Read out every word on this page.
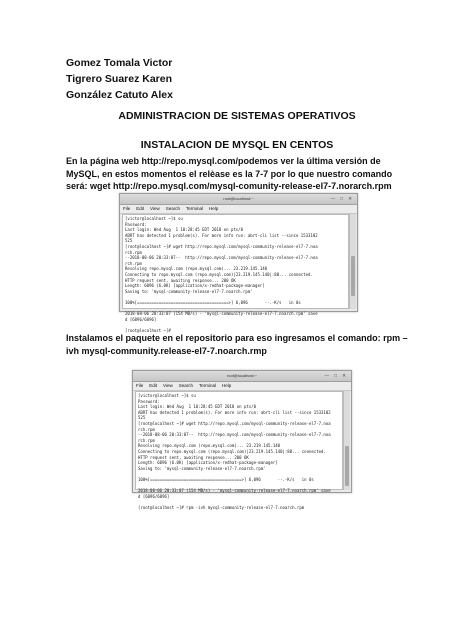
Gomez Tomala Victor
Tigrero Suarez Karen
González Catuto Alex
ADMINISTRACION DE SISTEMAS OPERATIVOS
INSTALACION DE MYSQL EN CENTOS
En la página web http://repo.mysql.com/podemos ver la última versión de MySQL, en estos momentos el relèase es la 7-7 por lo que nuestro comando será: wget http://repo.mysql.com/mysql-comunity-release-el7-7.norarch.rpm
root@localhost:~	— □ ✕
File Edit View Search Terminal Help
[victor@localhost ~]$ su
Password:
Last login: Wed Aug  1 10:28:45 EDT 2018 on pts/0
ABRT has detected 1 problem(s). For more info run: abrt-cli list --since 1533102
525
[root@localhost ~]# wget http://repo.mysql.com/mysql-community-release-el7-7.noa
rch.rpm
--2018-08-06 20:33:07--  http://repo.mysql.com/mysql-community-release-el7-7.noa
rch.rpm
Resolving repo.mysql.com (repo.mysql.com)... 23.219.145.140
Connecting to repo.mysql.com (repo.mysql.com)|23.219.145.140|:80... connected.
HTTP request sent, awaiting response... 200 OK
Length: 6096 (6.0K) [application/x-redhat-package-manager]
Saving to: 'mysql-community-release-el7-7.noarch.rpm'

100%[======================================>] 6,096       --.-K/s   in 0s

2018-08-06 20:33:07 (154 MB/s) - 'mysql-community-release-el7-7.noarch.rpm' save
d [6096/6096]

[root@localhost ~]#
Instalamos el paquete en el repositorio para eso ingresamos el comando: rpm –ivh mysql-community.release-el7-7.noarch.rmp
root@localhost:~	— □ ✕
File Edit View Search Terminal Help
[victor@localhost ~]$ su
Password:
Last login: Wed Aug  1 10:28:45 EDT 2018 on pts/0
ABRT has detected 1 problem(s). For more info run: abrt-cli list --since 1533102
525
[root@localhost ~]# wget http://repo.mysql.com/mysql-community-release-el7-7.noa
rch.rpm
--2018-08-06 20:33:07--  http://repo.mysql.com/mysql-community-release-el7-7.noa
rch.rpm
Resolving repo.mysql.com (repo.mysql.com)... 23.219.145.140
Connecting to repo.mysql.com (repo.mysql.com)|23.219.145.140|:80... connected.
HTTP request sent, awaiting response... 200 OK
Length: 6096 (6.0K) [application/x-redhat-package-manager]
Saving to: 'mysql-community-release-el7-7.noarch.rpm'

100%[======================================>] 6,096       --.-K/s   in 0s

2018-08-06 20:33:07 (154 MB/s) - 'mysql-community-release-el7-7.noarch.rpm' save
d [6096/6096]

[root@localhost ~]# rpm -ivh mysql-community-release-el7-7.noarch.rpm
